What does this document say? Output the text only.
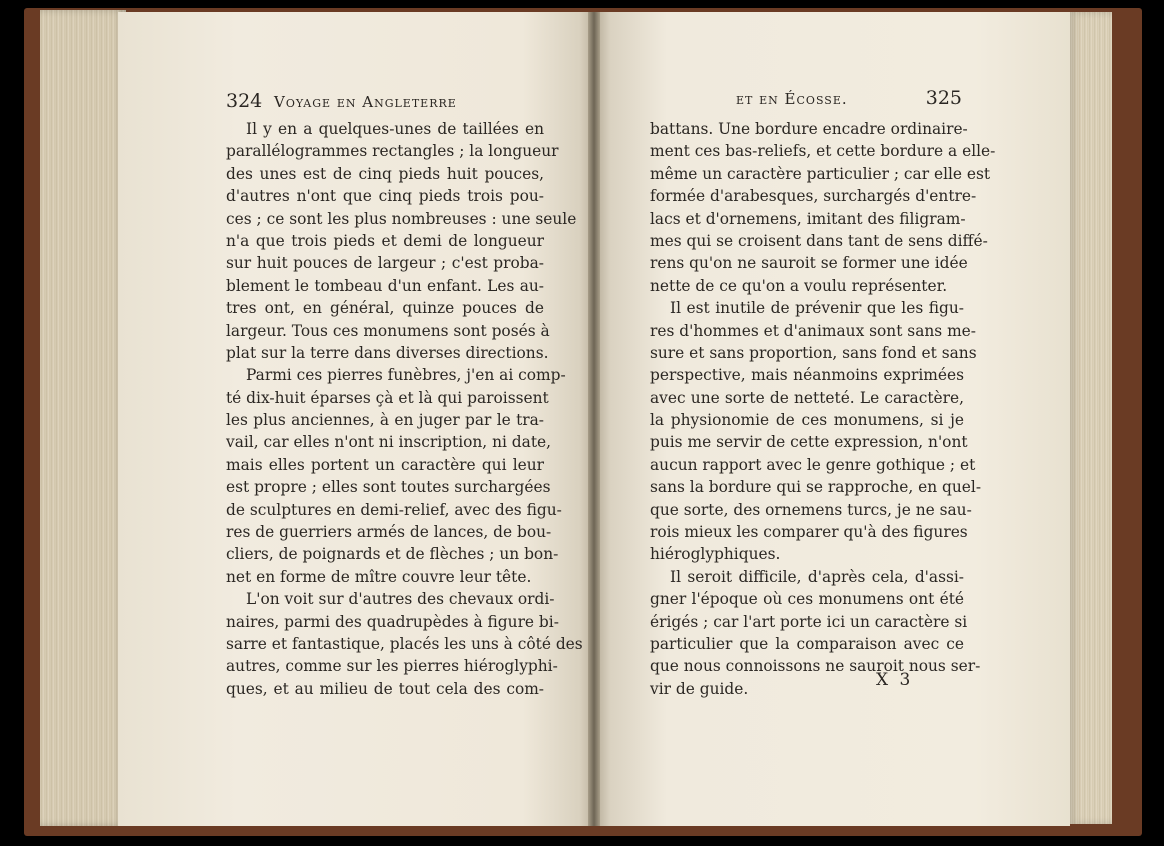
324 Voyage en Angleterre	et en Écosse.	325
Il y en a quelques-unes de taillées en
parallélogrammes rectangles ; la longueur
des unes est de cinq pieds huit pouces,
d'autres n'ont que cinq pieds trois pou-
ces ; ce sont les plus nombreuses : une seule
n'a que trois pieds et demi de longueur
sur huit pouces de largeur ; c'est proba-
blement le tombeau d'un enfant. Les au-
tres ont, en général, quinze pouces de
largeur. Tous ces monumens sont posés à
plat sur la terre dans diverses directions.
Parmi ces pierres funèbres, j'en ai comp-
té dix-huit éparses çà et là qui paroissent
les plus anciennes, à en juger par le tra-
vail, car elles n'ont ni inscription, ni date,
mais elles portent un caractère qui leur
est propre ; elles sont toutes surchargées
de sculptures en demi-relief, avec des figu-
res de guerriers armés de lances, de bou-
cliers, de poignards et de flèches ; un bon-
net en forme de mître couvre leur tête.
L'on voit sur d'autres des chevaux ordi-
naires, parmi des quadrupèdes à figure bi-
sarre et fantastique, placés les uns à côté des
autres, comme sur les pierres hiéroglyphi-
ques, et au milieu de tout cela des com-
battans. Une bordure encadre ordinaire-
ment ces bas-reliefs, et cette bordure a elle-
même un caractère particulier ; car elle est
formée d'arabesques, surchargés d'entre-
lacs et d'ornemens, imitant des filigram-
mes qui se croisent dans tant de sens diffé-
rens qu'on ne sauroit se former une idée
nette de ce qu'on a voulu représenter.
Il est inutile de prévenir que les figu-
res d'hommes et d'animaux sont sans me-
sure et sans proportion, sans fond et sans
perspective, mais néanmoins exprimées
avec une sorte de netteté. Le caractère,
la physionomie de ces monumens, si je
puis me servir de cette expression, n'ont
aucun rapport avec le genre gothique ; et
sans la bordure qui se rapproche, en quel-
que sorte, des ornemens turcs, je ne sau-
rois mieux les comparer qu'à des figures
hiéroglyphiques.
Il seroit difficile, d'après cela, d'assi-
gner l'époque où ces monumens ont été
érigés ; car l'art porte ici un caractère si
particulier que la comparaison avec ce
que nous connoissons ne sauroit nous ser-
vir de guide.	X 3
